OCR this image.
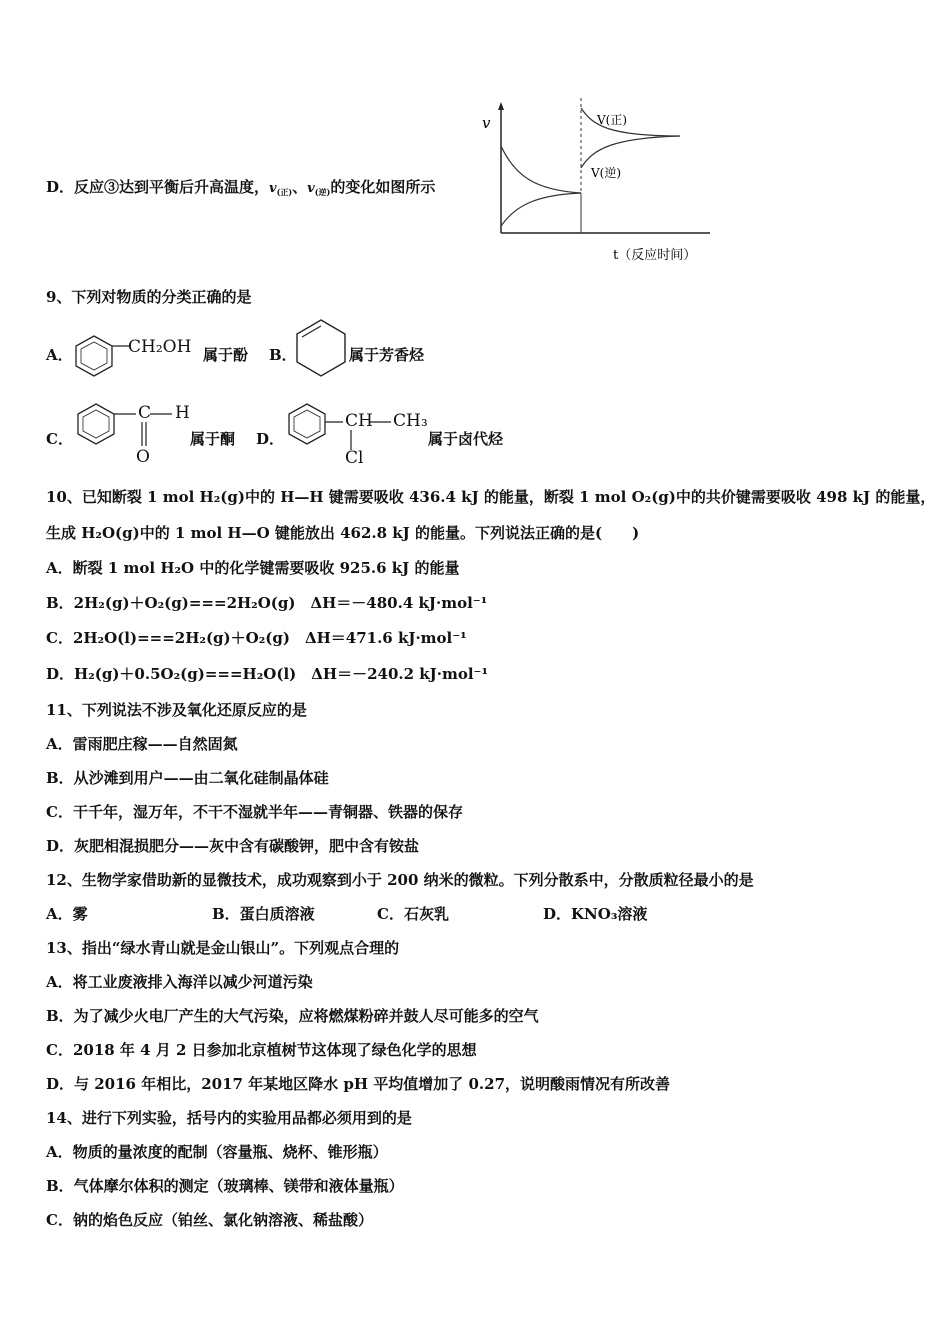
D．反应③达到平衡后升高温度，$v_{(正)}$、$v_{(逆)}$的变化如图所示
v	V(正)
V(逆)
t（反应时间）
9、下列对物质的分类正确的是
A．	CH₂OH 属于酚 B．	属于芳香烃
C．
C H
O
属于酮 D．
CH CH₃
Cl
属于卤代烃
10、已知断裂 1 mol H₂(g)中的 H—H 键需要吸收 436.4 kJ 的能量，断裂 1 mol O₂(g)中的共价键需要吸收 498 kJ 的能量，
生成 H₂O(g)中的 1 mol H—O 键能放出 462.8 kJ 的能量。下列说法正确的是(　　)
A．断裂 1 mol H₂O 中的化学键需要吸收 925.6 kJ 的能量
B．2H₂(g)＋O₂(g)===2H₂O(g)　ΔH＝－480.4 kJ·mol⁻¹
C．2H₂O(l)===2H₂(g)＋O₂(g)　ΔH＝471.6 kJ·mol⁻¹
D．H₂(g)＋0.5O₂(g)===H₂O(l)　ΔH＝－240.2 kJ·mol⁻¹
11、下列说法不涉及氧化还原反应的是
A．雷雨肥庄稼——自然固氮
B．从沙滩到用户——由二氧化硅制晶体硅
C．干千年，湿万年，不干不湿就半年——青铜器、铁器的保存
D．灰肥相混损肥分——灰中含有碳酸钾，肥中含有铵盐
12、生物学家借助新的显微技术，成功观察到小于 200 纳米的微粒。下列分散系中，分散质粒径最小的是
A．雾	B．蛋白质溶液	C．石灰乳	D．KNO₃溶液
13、指出“绿水青山就是金山银山”。下列观点合理的
A．将工业废液排入海洋以减少河道污染
B．为了减少火电厂产生的大气污染，应将燃煤粉碎并鼓人尽可能多的空气
C．2018 年 4 月 2 日参加北京植树节这体现了绿色化学的思想
D．与 2016 年相比，2017 年某地区降水 pH 平均值增加了 0.27，说明酸雨情况有所改善
14、进行下列实验，括号内的实验用品都必须用到的是
A．物质的量浓度的配制（容量瓶、烧杯、锥形瓶）
B．气体摩尔体积的测定（玻璃棒、镁带和液体量瓶）
C．钠的焰色反应（铂丝、氯化钠溶液、稀盐酸）
